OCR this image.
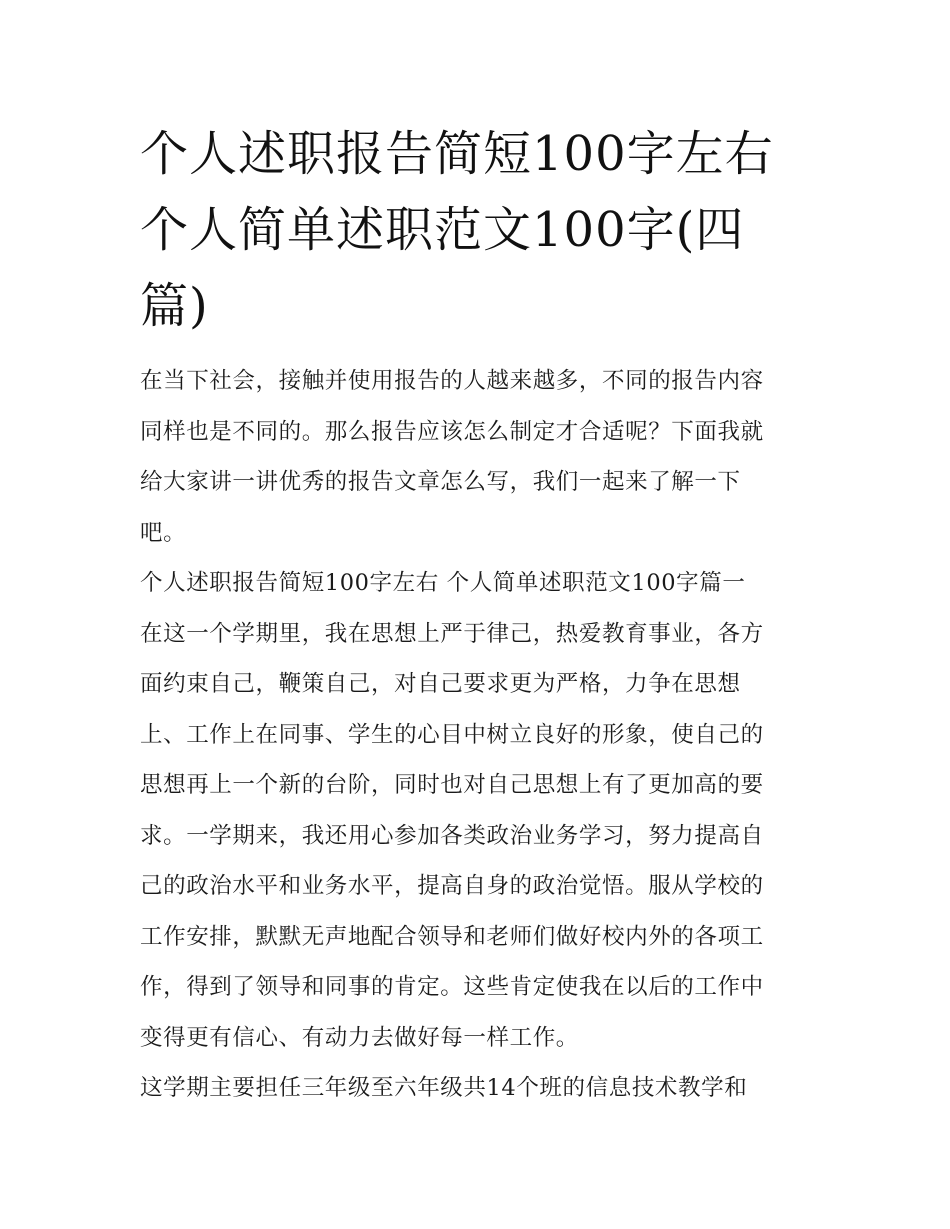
个人述职报告简短100字左右
个人简单述职范文100字(四
篇)

在当下社会，接触并使用报告的人越来越多，不同的报告内容
同样也是不同的。那么报告应该怎么制定才合适呢？下面我就
给大家讲一讲优秀的报告文章怎么写，我们一起来了解一下
吧。

个人述职报告简短100字左右 个人简单述职范文100字篇一

在这一个学期里，我在思想上严于律己，热爱教育事业，各方
面约束自己，鞭策自己，对自己要求更为严格，力争在思想
上、工作上在同事、学生的心目中树立良好的形象，使自己的
思想再上一个新的台阶，同时也对自己思想上有了更加高的要
求。一学期来，我还用心参加各类政治业务学习，努力提高自
己的政治水平和业务水平，提高自身的政治觉悟。服从学校的
工作安排，默默无声地配合领导和老师们做好校内外的各项工
作，得到了领导和同事的肯定。这些肯定使我在以后的工作中
变得更有信心、有动力去做好每一样工作。

这学期主要担任三年级至六年级共14个班的信息技术教学和
